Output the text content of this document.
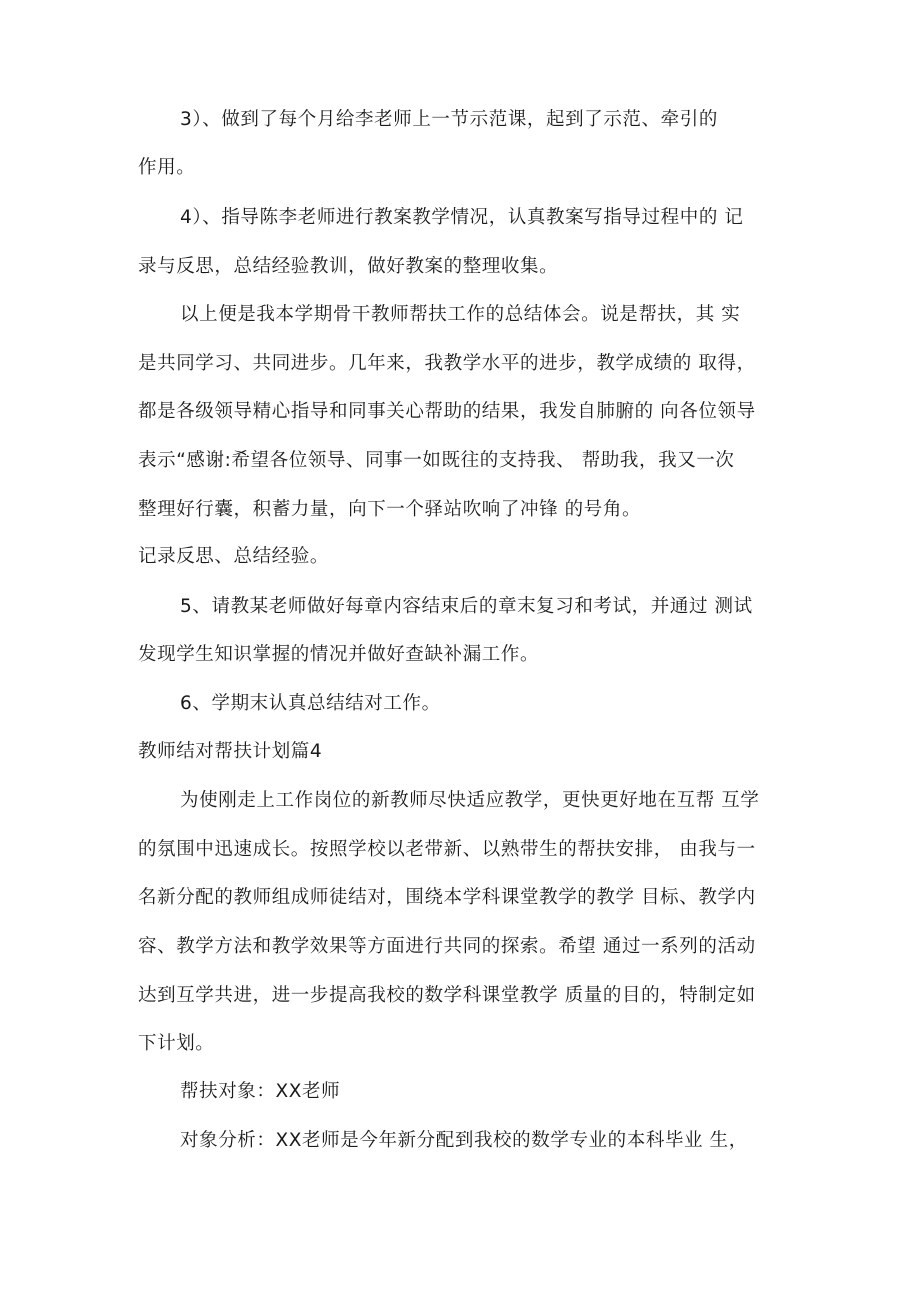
3）、做到了每个月给李老师上一节示范课，起到了示范、牵引的
作用。
4）、指导陈李老师进行教案教学情况，认真教案写指导过程中的 记
录与反思，总结经验教训，做好教案的整理收集。
以上便是我本学期骨干教师帮扶工作的总结体会。说是帮扶，其 实
是共同学习、共同进步。几年来，我教学水平的进步，教学成绩的 取得，
都是各级领导精心指导和同事关心帮助的结果，我发自肺腑的 向各位领导
表示“感谢:希望各位领导、同事一如既往的支持我、 帮助我，我又一次
整理好行囊，积蓄力量，向下一个驿站吹响了冲锋 的号角。
记录反思、总结经验。
5、请教某老师做好每章内容结束后的章末复习和考试，并通过 测试
发现学生知识掌握的情况并做好查缺补漏工作。
6、学期末认真总结结对工作。
教师结对帮扶计划篇4
为使刚走上工作岗位的新教师尽快适应教学，更快更好地在互帮 互学
的氛围中迅速成长。按照学校以老带新、以熟带生的帮扶安排， 由我与一
名新分配的教师组成师徒结对，围绕本学科课堂教学的教学 目标、教学内
容、教学方法和教学效果等方面进行共同的探索。希望 通过一系列的活动
达到互学共进，进一步提高我校的数学科课堂教学 质量的目的，特制定如
下计划。
帮扶对象：XX老师
对象分析：XX老师是今年新分配到我校的数学专业的本科毕业 生，
